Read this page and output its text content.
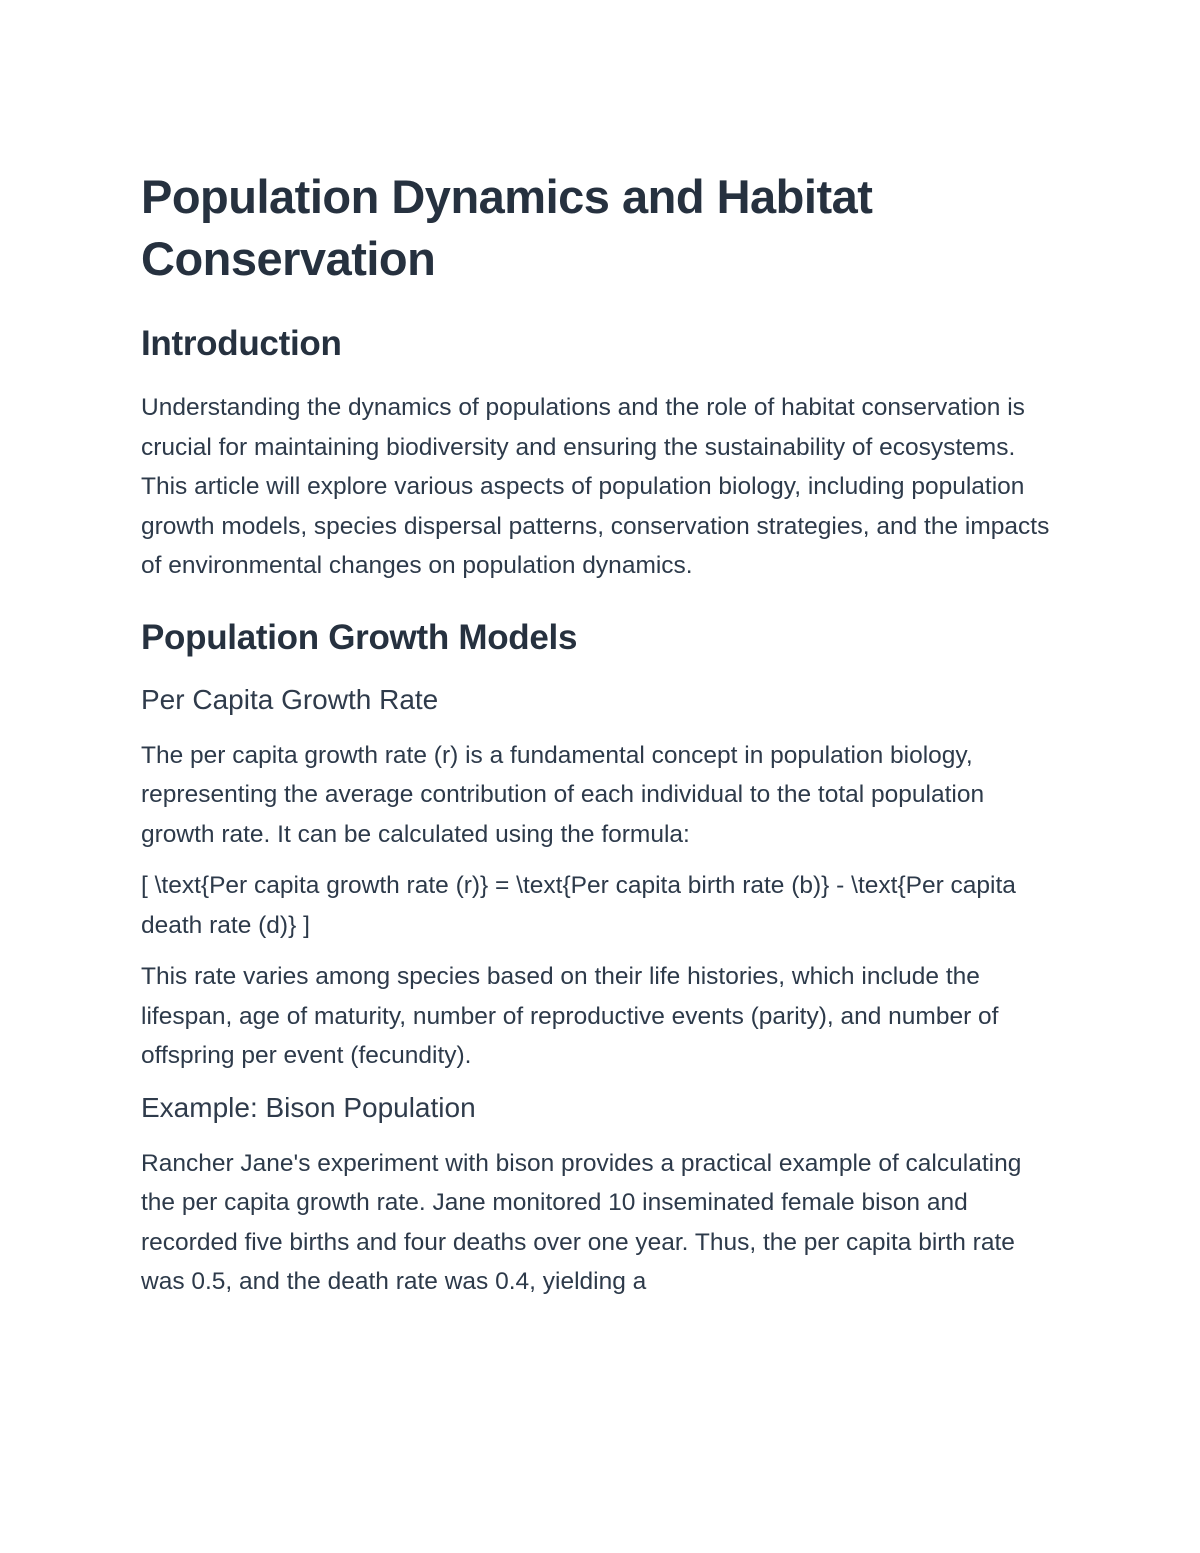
Population Dynamics and Habitat Conservation
Introduction

Understanding the dynamics of populations and the role of habitat conservation is crucial for maintaining biodiversity and ensuring the sustainability of ecosystems. This article will explore various aspects of population biology, including population growth models, species dispersal patterns, conservation strategies, and the impacts of environmental changes on population dynamics.

Population Growth Models
Per Capita Growth Rate

The per capita growth rate (r) is a fundamental concept in population biology, representing the average contribution of each individual to the total population growth rate. It can be calculated using the formula:

[ \text{Per capita growth rate (r)} = \text{Per capita birth rate (b)} - \text{Per capita death rate (d)} ]

This rate varies among species based on their life histories, which include the lifespan, age of maturity, number of reproductive events (parity), and number of offspring per event (fecundity).

Example: Bison Population

Rancher Jane's experiment with bison provides a practical example of calculating the per capita growth rate. Jane monitored 10 inseminated female bison and recorded five births and four deaths over one year. Thus, the per capita birth rate was 0.5, and the death rate was 0.4, yielding a
